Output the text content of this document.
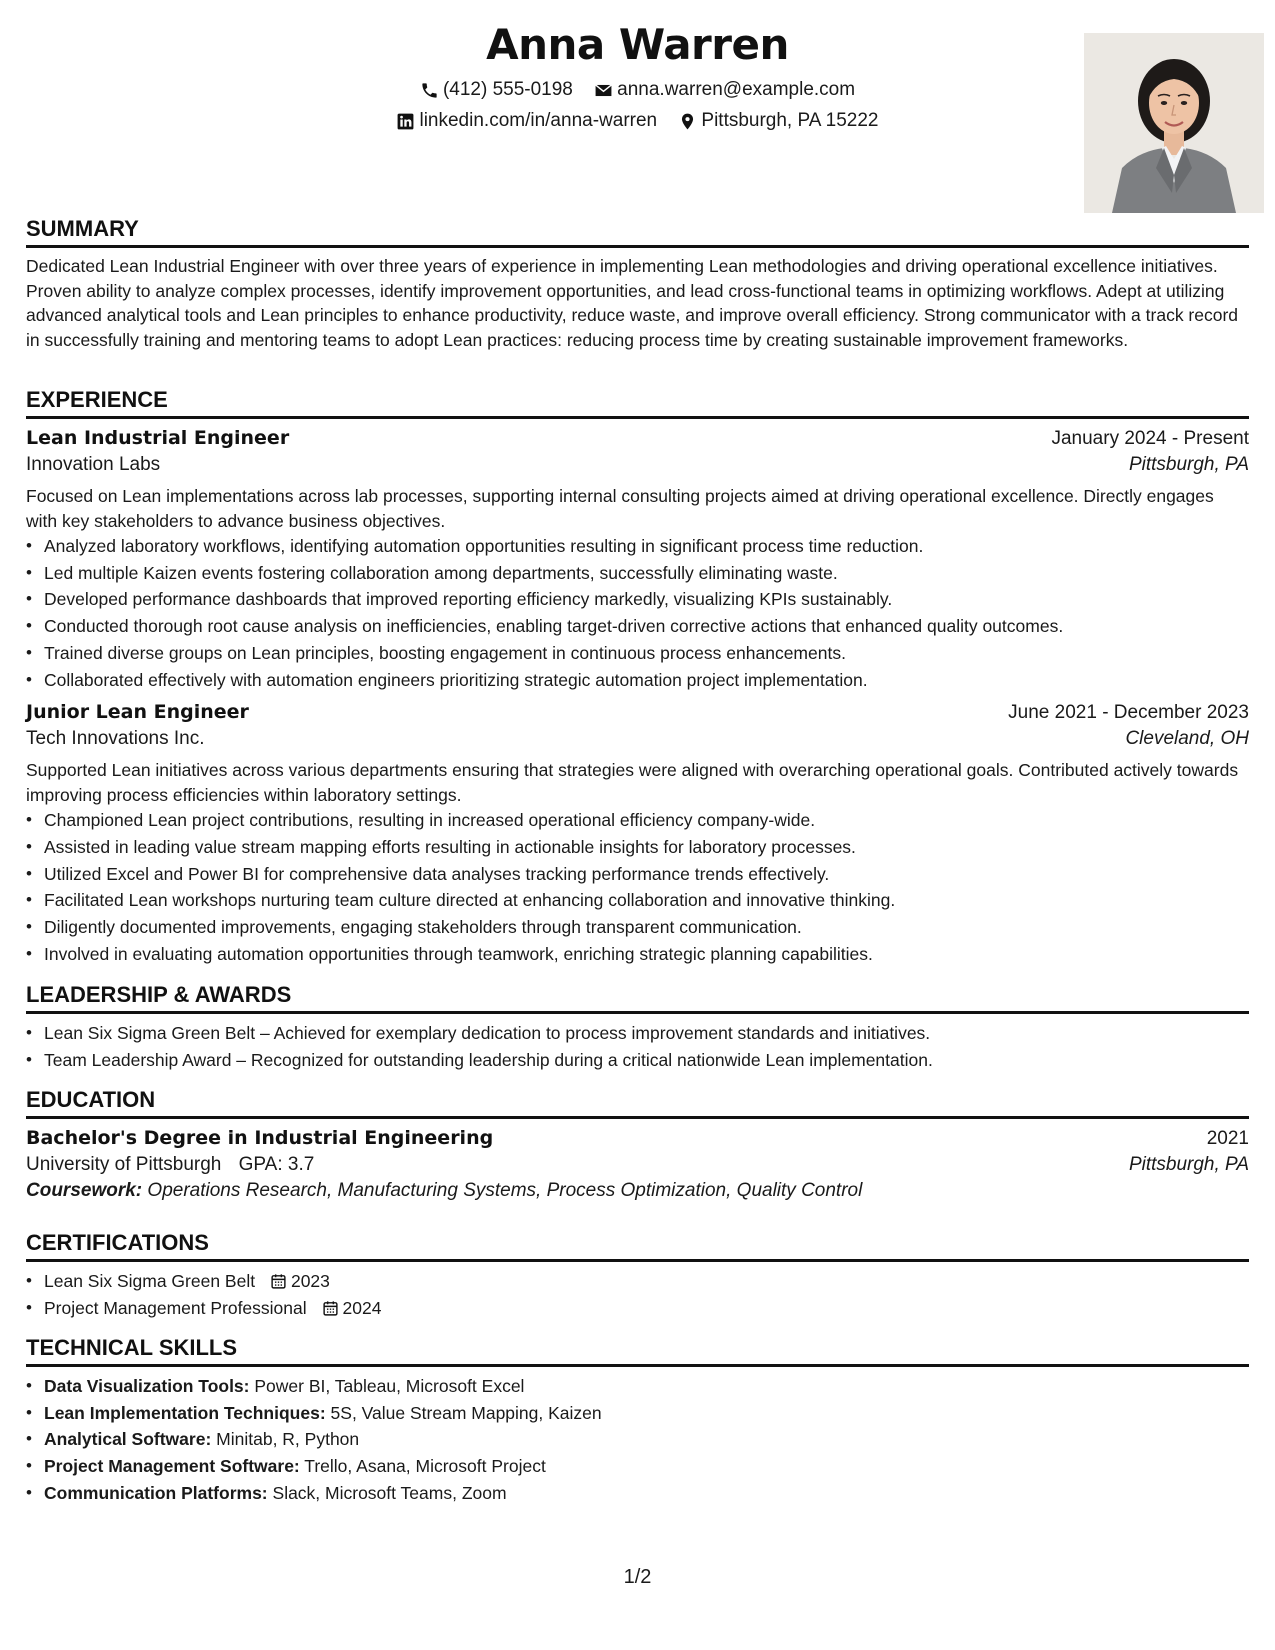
Anna Warren
(412) 555-0198
anna.warren@example.com
linkedin.com/in/anna-warren
Pittsburgh, PA 15222
SUMMARY
Dedicated Lean Industrial Engineer with over three years of experience in implementing Lean methodologies and driving operational excellence initiatives. Proven ability to analyze complex processes, identify improvement opportunities, and lead cross-functional teams in optimizing workflows. Adept at utilizing advanced analytical tools and Lean principles to enhance productivity, reduce waste, and improve overall efficiency. Strong communicator with a track record in successfully training and mentoring teams to adopt Lean practices: reducing process time by creating sustainable improvement frameworks.
EXPERIENCE
Lean Industrial Engineer	January 2024 - Present
Innovation Labs	Pittsburgh, PA
Focused on Lean implementations across lab processes, supporting internal consulting projects aimed at driving operational excellence. Directly engages with key stakeholders to advance business objectives.
• Analyzed laboratory workflows, identifying automation opportunities resulting in significant process time reduction.
• Led multiple Kaizen events fostering collaboration among departments, successfully eliminating waste.
• Developed performance dashboards that improved reporting efficiency markedly, visualizing KPIs sustainably.
• Conducted thorough root cause analysis on inefficiencies, enabling target-driven corrective actions that enhanced quality outcomes.
• Trained diverse groups on Lean principles, boosting engagement in continuous process enhancements.
• Collaborated effectively with automation engineers prioritizing strategic automation project implementation.
Junior Lean Engineer	June 2021 - December 2023
Tech Innovations Inc.	Cleveland, OH
Supported Lean initiatives across various departments ensuring that strategies were aligned with overarching operational goals. Contributed actively towards improving process efficiencies within laboratory settings.
• Championed Lean project contributions, resulting in increased operational efficiency company-wide.
• Assisted in leading value stream mapping efforts resulting in actionable insights for laboratory processes.
• Utilized Excel and Power BI for comprehensive data analyses tracking performance trends effectively.
• Facilitated Lean workshops nurturing team culture directed at enhancing collaboration and innovative thinking.
• Diligently documented improvements, engaging stakeholders through transparent communication.
• Involved in evaluating automation opportunities through teamwork, enriching strategic planning capabilities.
LEADERSHIP & AWARDS
• Lean Six Sigma Green Belt – Achieved for exemplary dedication to process improvement standards and initiatives.
• Team Leadership Award – Recognized for outstanding leadership during a critical nationwide Lean implementation.
EDUCATION
Bachelor's Degree in Industrial Engineering	2021
University of Pittsburgh GPA: 3.7	Pittsburgh, PA
Coursework: Operations Research, Manufacturing Systems, Process Optimization, Quality Control
CERTIFICATIONS
• Lean Six Sigma Green Belt 2023
• Project Management Professional 2024
TECHNICAL SKILLS
• Data Visualization Tools: Power BI, Tableau, Microsoft Excel
• Lean Implementation Techniques: 5S, Value Stream Mapping, Kaizen
• Analytical Software: Minitab, R, Python
• Project Management Software: Trello, Asana, Microsoft Project
• Communication Platforms: Slack, Microsoft Teams, Zoom
1/2
